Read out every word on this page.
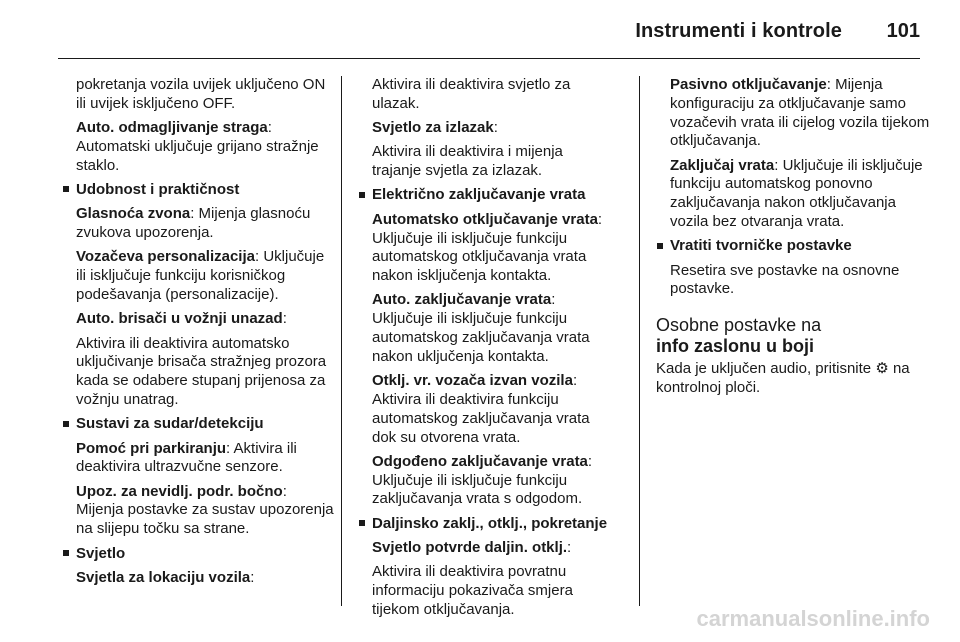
Instrumenti i kontrole 101

pokretanja vozila uvijek uključeno ON ili uvijek isključeno OFF.

Auto. odmagljivanje straga: Automatski uključuje grijano stražnje staklo.

Udobnost i praktičnost

Glasnoća zvona: Mijenja glasnoću zvukova upozorenja.

Vozačeva personalizacija: Uključuje ili isključuje funkciju korisničkog podešavanja (personalizacije).

Auto. brisači u vožnji unazad:

Aktivira ili deaktivira automatsko uključivanje brisača stražnjeg prozora kada se odabere stupanj prijenosa za vožnju unatrag.

Sustavi za sudar/detekciju

Pomoć pri parkiranju: Aktivira ili deaktivira ultrazvučne senzore.

Upoz. za nevidlj. podr. bočno: Mijenja postavke za sustav upozorenja na slijepu točku sa strane.

Svjetlo

Svjetla za lokaciju vozila:

Aktivira ili deaktivira svjetlo za ulazak.

Svjetlo za izlazak:

Aktivira ili deaktivira i mijenja trajanje svjetla za izlazak.

Električno zaključavanje vrata

Automatsko otključavanje vrata: Uključuje ili isključuje funkciju automatskog otključavanja vrata nakon isključenja kontakta.

Auto. zaključavanje vrata: Uključuje ili isključuje funkciju automatskog zaključavanja vrata nakon uključenja kontakta.

Otklj. vr. vozača izvan vozila: Aktivira ili deaktivira funkciju automatskog zaključavanja vrata dok su otvorena vrata.

Odgođeno zaključavanje vrata: Uključuje ili isključuje funkciju zaključavanja vrata s odgodom.

Daljinsko zaklj., otklj., pokretanje

Svjetlo potvrde daljin. otklj.:

Aktivira ili deaktivira povratnu informaciju pokazivača smjera tijekom otključavanja.

Pasivno otključavanje: Mijenja konfiguraciju za otključavanje samo vozačevih vrata ili cijelog vozila tijekom otključavanja.

Zaključaj vrata: Uključuje ili isključuje funkciju automatskog ponovno zaključavanja nakon otključavanja vozila bez otvaranja vrata.

Vratiti tvorničke postavke

Resetira sve postavke na osnovne postavke.

Osobne postavke na
info zaslonu u boji

Kada je uključen audio, pritisnite ⚙ na kontrolnoj ploči.

carmanualsonline.info
